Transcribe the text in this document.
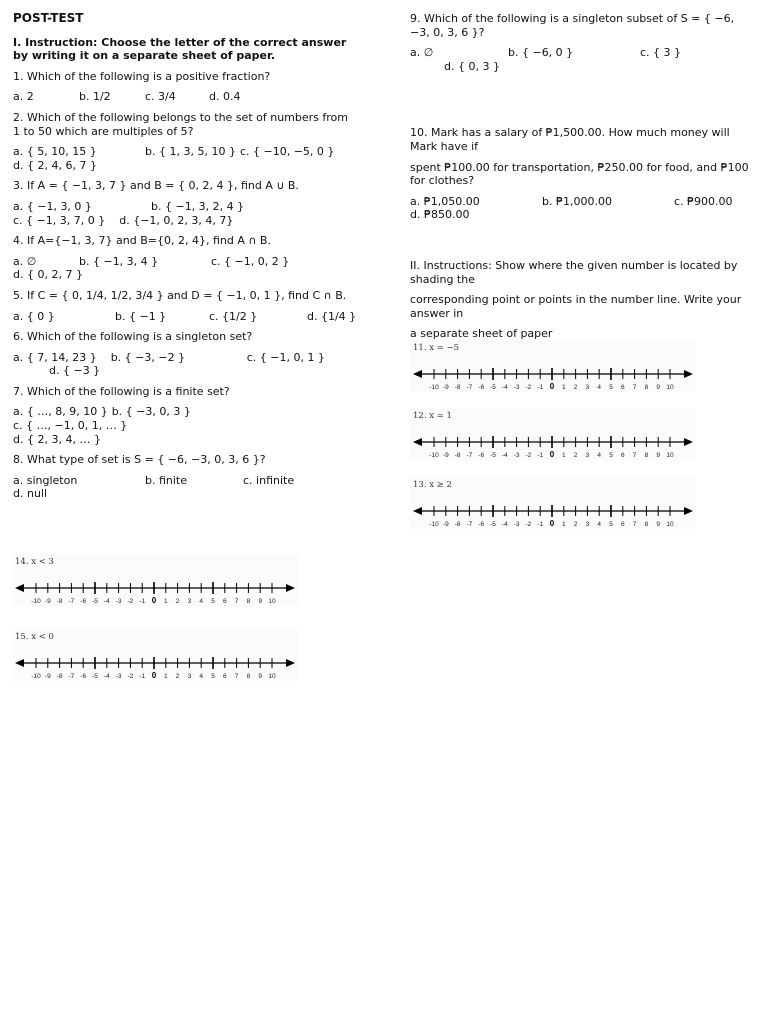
POST-TEST
I. Instruction: Choose the letter of the correct answer by writing it on a separate sheet of paper.
1. Which of the following is a positive fraction?
a. 2	b. 1/2	c. 3/4	d. 0.4
2. Which of the following belongs to the set of numbers from 1 to 50 which are multiples of 5?
a. { 5, 10, 15 }	b. { 1, 3, 5, 10 } c. { −10, −5, 0 }
d. { 2, 4, 6, 7 }
3. If A = { −1, 3, 7 } and B = { 0, 2, 4 }, find A ∪ B.
a. { −1, 3, 0 }	b. { −1, 3, 2, 4 }c. { −1, 3, 7, 0 } d. {−1, 0, 2, 3, 4, 7}
4. If A={−1, 3, 7} and B={0, 2, 4}, find A ∩ B.
a. ∅	b. { −1, 3, 4 }	c. { −1, 0, 2 }d. { 0, 2, 7 }
5. If C = { 0, 1/4, 1/2, 3/4 } and D = { −1, 0, 1 }, find C ∩ B.
a. { 0 }	b. { −1 }	c. {1/2 }	d. {1/4 }
6. Which of the following is a singleton set?
a. { 7, 14, 23 } b. { −3, −2 }	c. { −1, 0, 1 }
d. { −3 }
7. Which of the following is a finite set?
a. { …, 8, 9, 10 } b. { −3, 0, 3 }c. { …, −1, 0, 1, … }
d. { 2, 3, 4, … }
8. What type of set is S = { −6, −3, 0, 3, 6 }?
a. singleton	b. finite	c. infinited. null
9. Which of the following is a singleton subset of S = { −6, −3, 0, 3, 6 }?
a. ∅	b. { −6, 0 }	c. { 3 }
d. { 0, 3 }
10. Mark has a salary of ₱1,500.00. How much money will Mark have if
spent ₱100.00 for transportation, ₱250.00 for food, and ₱100 for clothes?
a. ₱1,050.00	b. ₱1,000.00	c. ₱900.00d. ₱850.00
II. Instructions: Show where the given number is located by shading the
corresponding point or points in the number line. Write your answer in
a separate sheet of paper
11. x = −5
-10 -9 -8 -7 -6 -5 -4 -3 -2 -1 0 1 2 3 4 5 6 7 8 9 10
12. x = 1
-10 -9 -8 -7 -6 -5 -4 -3 -2 -1 0 1 2 3 4 5 6 7 8 9 10
13. x ≥ 2
-10 -9 -8 -7 -6 -5 -4 -3 -2 -1 0 1 2 3 4 5 6 7 8 9 10
14. x < 3
-10 -9 -8 -7 -6 -5 -4 -3 -2 -1 0 1 2 3 4 5 6 7 8 9 10
15. x < 0
-10 -9 -8 -7 -6 -5 -4 -3 -2 -1 0 1 2 3 4 5 6 7 8 9 10
